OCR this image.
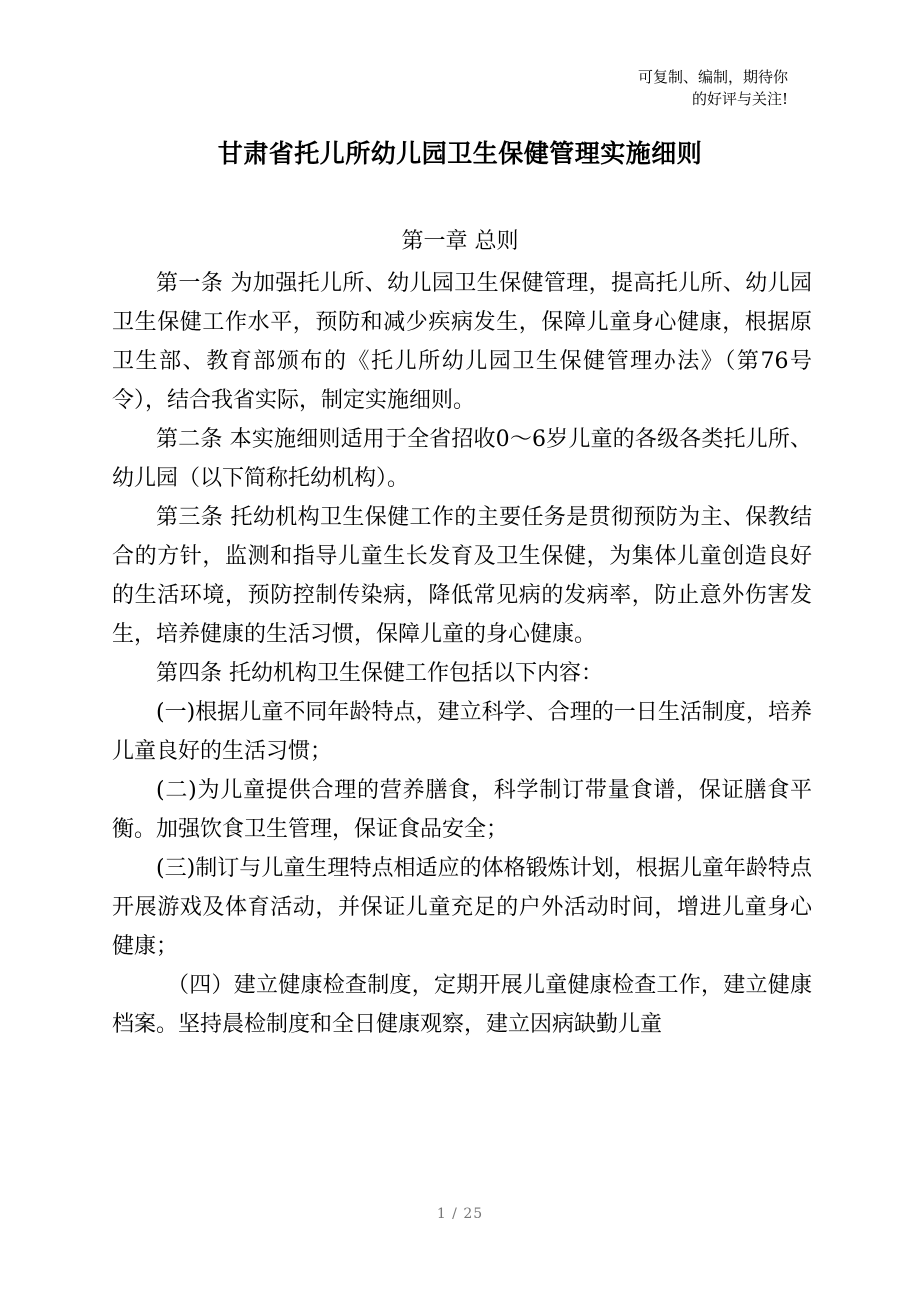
可复制、编制，期待你
的好评与关注!
甘肃省托儿所幼儿园卫生保健管理实施细则
第一章 总则

第一条 为加强托儿所、幼儿园卫生保健管理，提高托儿所、幼儿园卫生保健工作水平，预防和减少疾病发生，保障儿童身心健康，根据原卫生部、教育部颁布的《托儿所幼儿园卫生保健管理办法》（第76号令），结合我省实际，制定实施细则。

第二条 本实施细则适用于全省招收0～6岁儿童的各级各类托儿所、幼儿园（以下简称托幼机构）。

第三条 托幼机构卫生保健工作的主要任务是贯彻预防为主、保教结合的方针，监测和指导儿童生长发育及卫生保健，为集体儿童创造良好的生活环境，预防控制传染病，降低常见病的发病率，防止意外伤害发生，培养健康的生活习惯，保障儿童的身心健康。

第四条 托幼机构卫生保健工作包括以下内容：

(一)根据儿童不同年龄特点，建立科学、合理的一日生活制度，培养儿童良好的生活习惯；

(二)为儿童提供合理的营养膳食，科学制订带量食谱，保证膳食平衡。加强饮食卫生管理，保证食品安全；

(三)制订与儿童生理特点相适应的体格锻炼计划，根据儿童年龄特点开展游戏及体育活动，并保证儿童充足的户外活动时间，增进儿童身心健康；

（四）建立健康检查制度，定期开展儿童健康检查工作，建立健康档案。坚持晨检制度和全日健康观察，建立因病缺勤儿童

1 / 25
